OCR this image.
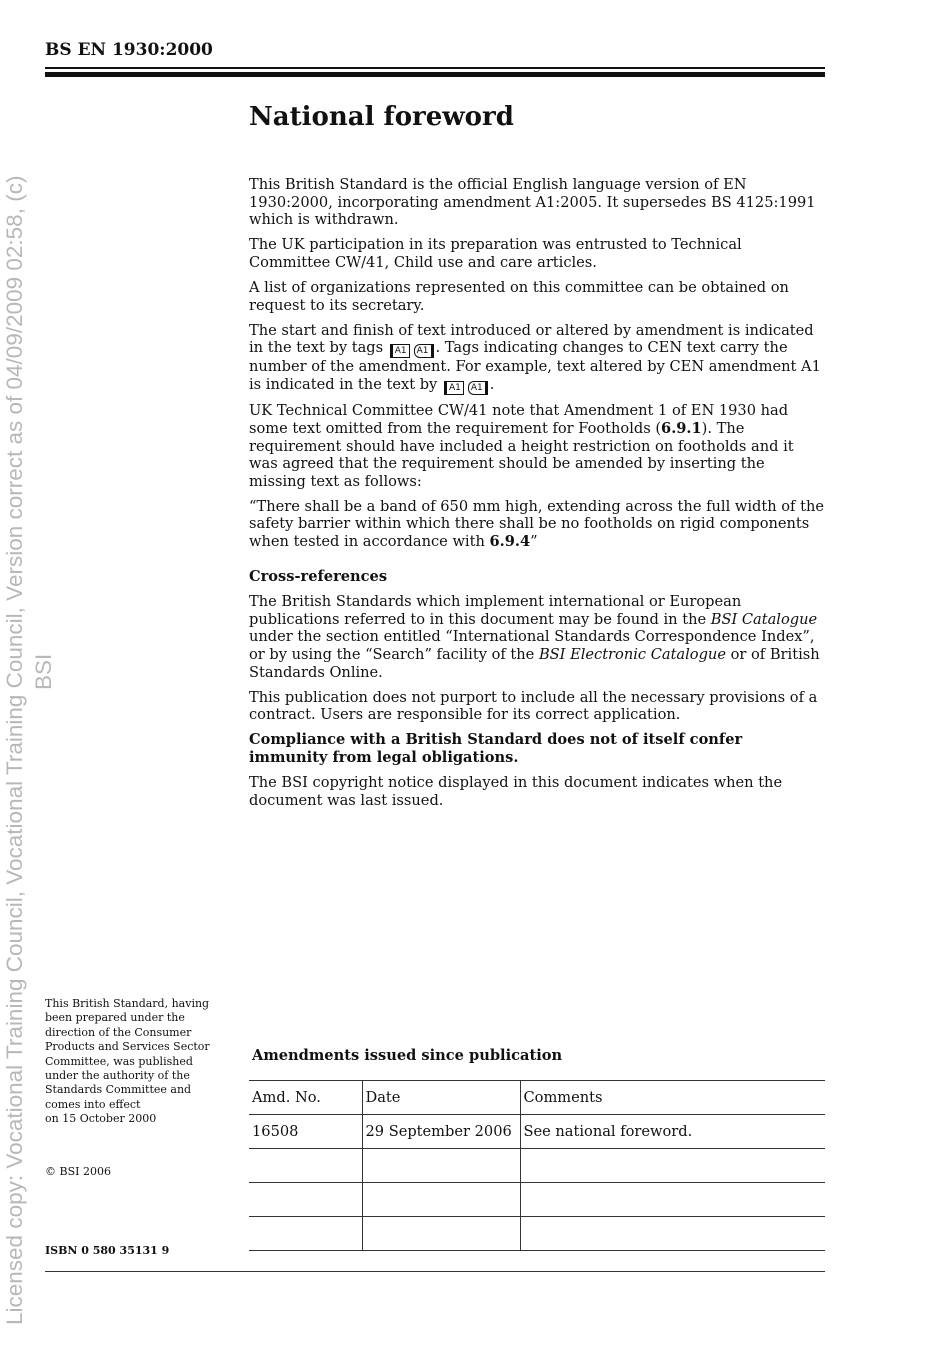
Licensed copy: Vocational Training Council, Vocational Training Council, Version correct as of 04/09/2009 02:58, (c) BSI
BS EN 1930:2000
National foreword

This British Standard is the official English language version of EN 1930:2000, incorporating amendment A1:2005. It supersedes BS 4125:1991 which is withdrawn.

The UK participation in its preparation was entrusted to Technical Committee CW/41, Child use and care articles.

A list of organizations represented on this committee can be obtained on request to its secretary.

The start and finish of text introduced or altered by amendment is indicated in the text by tags A1 A1 . Tags indicating changes to CEN text carry the number of the amendment. For example, text altered by CEN amendment A1 is indicated in the text by A1 A1 .

UK Technical Committee CW/41 note that Amendment 1 of EN 1930 had some text omitted from the requirement for Footholds (6.9.1). The requirement should have included a height restriction on footholds and it was agreed that the requirement should be amended by inserting the missing text as follows:

“There shall be a band of 650 mm high, extending across the full width of the safety barrier within which there shall be no footholds on rigid components when tested in accordance with 6.9.4”

Cross-references

The British Standards which implement international or European publications referred to in this document may be found in the BSI Catalogue under the section entitled “International Standards Correspondence Index”, or by using the “Search” facility of the BSI Electronic Catalogue or of British Standards Online.

This publication does not purport to include all the necessary provisions of a contract. Users are responsible for its correct application.

Compliance with a British Standard does not of itself confer immunity from legal obligations.

The BSI copyright notice displayed in this document indicates when the document was last issued.

This British Standard, having been prepared under the direction of the Consumer Products and Services Sector Committee, was published under the authority of the Standards Committee and comes into effect
on 15 October 2000
© BSI 2006
ISBN 0 580 35131 9
Amendments issued since publication
Amd. No.	Date	Comments
16508	29 September 2006	See national foreword.
